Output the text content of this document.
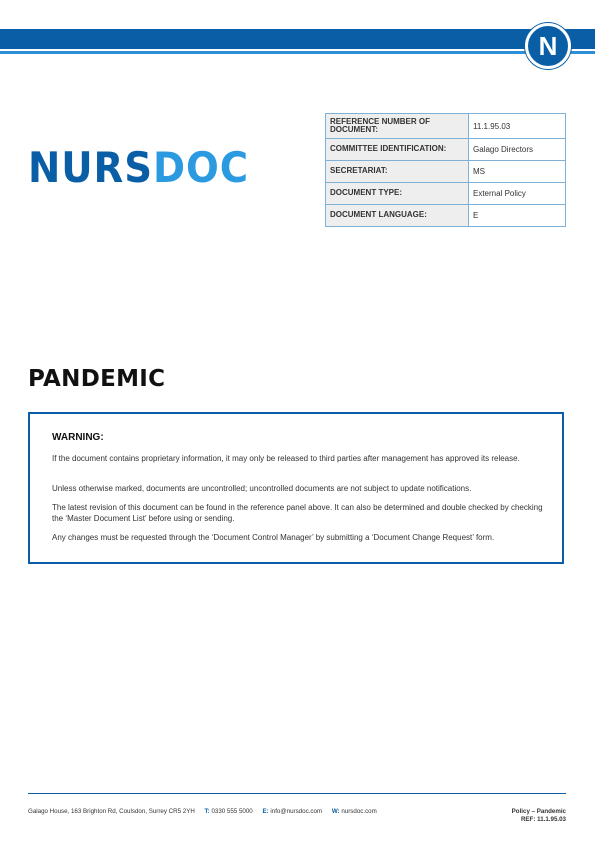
N
NURSDOC
REFERENCE NUMBER OF DOCUMENT:	11.1.95.03
COMMITTEE IDENTIFICATION:	Galago Directors
SECRETARIAT:	MS
DOCUMENT TYPE:	External Policy
DOCUMENT LANGUAGE:	E
PANDEMIC
WARNING:
If the document contains proprietary information, it may only be released to third parties after management has approved its release.
Unless otherwise marked, documents are uncontrolled; uncontrolled documents are not subject to update notifications.
The latest revision of this document can be found in the reference panel above. It can also be determined and double checked by checking the ‘Master Document List’ before using or sending.
Any changes must be requested through the ‘Document Control Manager’ by submitting a ‘Document Change Request’ form.
Galago House, 163 Brighton Rd, Coulsdon, Surrey CR5 2YH T: 0330 555 5000 E: info@nursdoc.com W: nursdoc.com	Policy – Pandemic
REF: 11.1.95.03
